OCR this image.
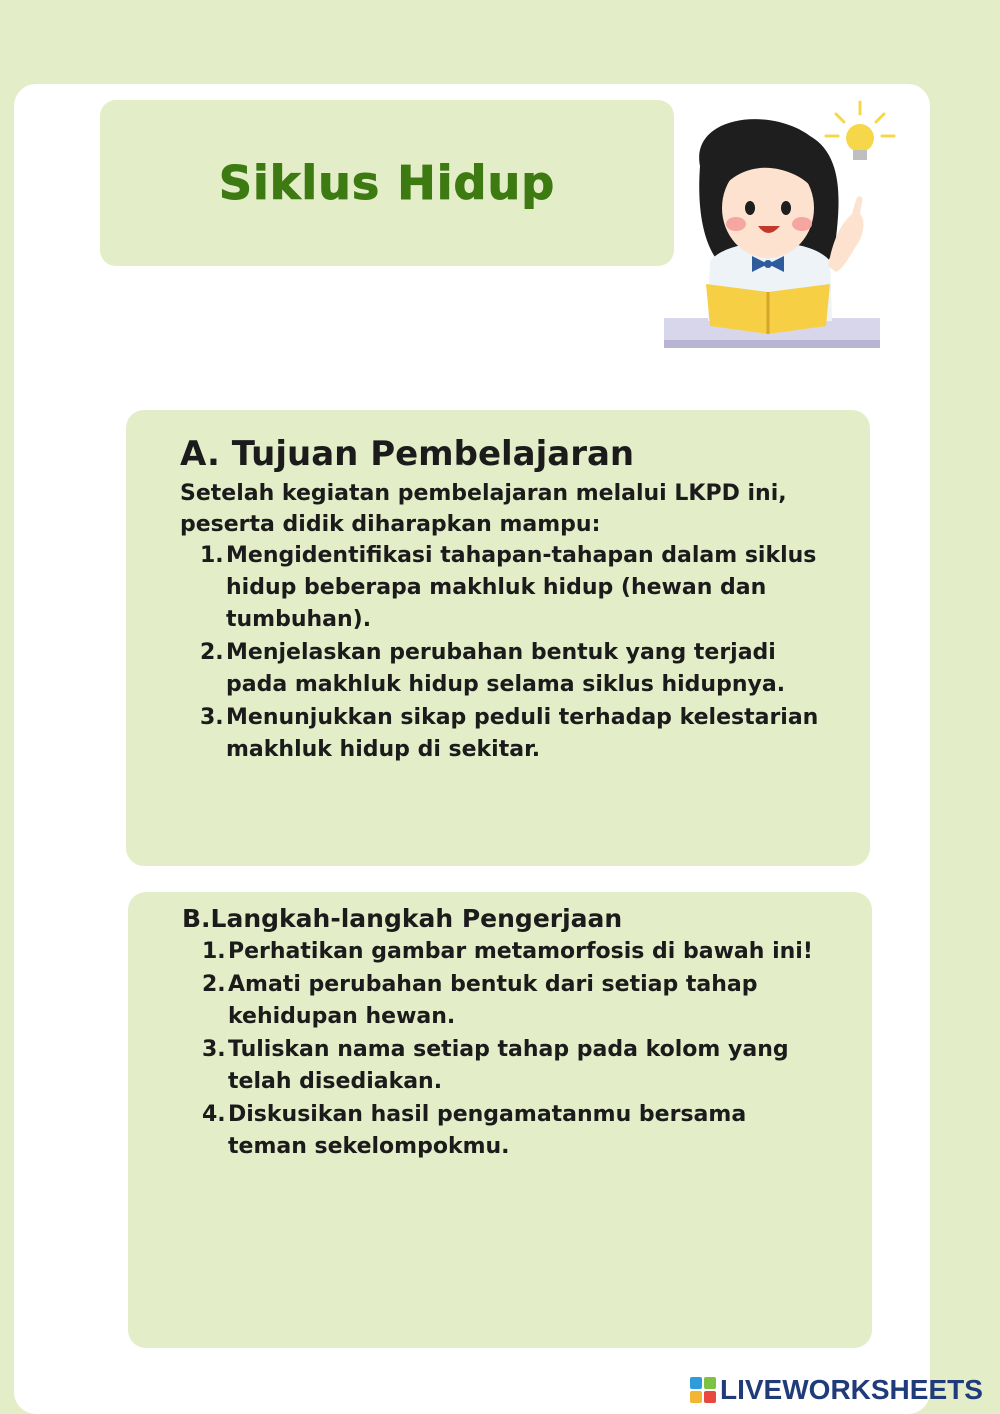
Siklus Hidup
A. Tujuan Pembelajaran

Setelah kegiatan pembelajaran melalui LKPD ini, peserta didik diharapkan mampu:

1. Mengidentifikasi tahapan-tahapan dalam siklus hidup beberapa makhluk hidup (hewan dan tumbuhan).
2. Menjelaskan perubahan bentuk yang terjadi pada makhluk hidup selama siklus hidupnya.
3. Menunjukkan sikap peduli terhadap kelestarian makhluk hidup di sekitar.
B.Langkah-langkah Pengerjaan
1. Perhatikan gambar metamorfosis di bawah ini!
2. Amati perubahan bentuk dari setiap tahap kehidupan hewan.
3. Tuliskan nama setiap tahap pada kolom yang telah disediakan.
4. Diskusikan hasil pengamatanmu bersama teman sekelompokmu.
LIVEWORKSHEETS
